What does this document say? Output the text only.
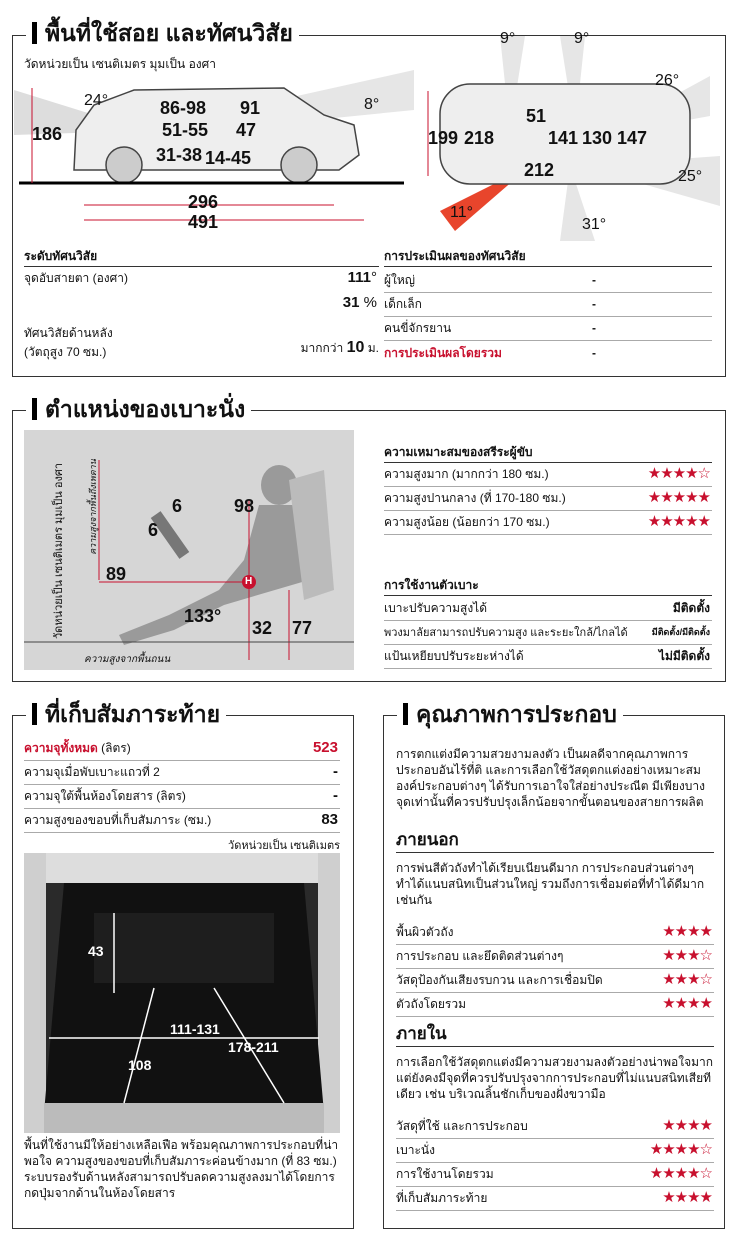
พื้นที่ใช้สอย และทัศนวิสัย
วัดหน่วยเป็น เซนติเมตร มุมเป็น องศา
186
86-98 91
51-55 47
31-38 14-45
296
491
24°	8°
9°	9°
26°
25°
11°
31°
199 218
51
141 130 147
212
ระดับทัศนวิสัย
จุดอับสายตา (องศา)	111°
31 %
ทัศนวิสัยด้านหลัง
(วัตถุสูง 70 ซม.)	มากกว่า 10 ม.
การประเมินผลของทัศนวิสัย
ผู้ใหญ่	-
เด็กเล็ก	-
คนขี่จักรยาน	-
การประเมินผลโดยรวม	-
ตำแหน่งของเบาะนั่ง
วัดหน่วยเป็น เซนติเมตร มุมเป็น องศา	ความสูงจากพื้นถึงเพดาน
H
6
6
98
89
133°
32 77
ความสูงจากพื้นถนน
ความเหมาะสมของสรีระผู้ขับ
ความสูงมาก (มากกว่า 180 ซม.)	★★★★☆
ความสูงปานกลาง (ที่ 170-180 ซม.)	★★★★★
ความสูงน้อย (น้อยกว่า 170 ซม.)	★★★★★
การใช้งานตัวเบาะ
เบาะปรับความสูงได้	มีติดตั้ง
พวงมาลัยสามารถปรับความสูง และระยะใกล้/ไกลได้	มีติดตั้ง/มีติดตั้ง
แป้นเหยียบปรับระยะห่างได้	ไม่มีติดตั้ง
ที่เก็บสัมภาระท้าย
ความจุทั้งหมด (ลิตร)	523
ความจุเมื่อพับเบาะแถวที่ 2	-
ความจุใต้พื้นห้องโดยสาร (ลิตร)	-
ความสูงของขอบที่เก็บสัมภาระ (ซม.)	83
วัดหน่วยเป็น เซนติเมตร
43
111-131
108
178-211
พื้นที่ใช้งานมีให้อย่างเหลือเฟือ พร้อมคุณภาพการประกอบที่น่าพอใจ ความสูงของขอบที่เก็บสัมภาระค่อนข้างมาก (ที่ 83 ซม.) ระบบรองรับด้านหลังสามารถปรับลดความสูงลงมาได้โดยการกดปุ่มจากด้านในห้องโดยสาร
คุณภาพการประกอบ
การตกแต่งมีความสวยงามลงตัว เป็นผลดีจากคุณภาพการประกอบอันไร้ที่ติ และการเลือกใช้วัสดุตกแต่งอย่างเหมาะสม องค์ประกอบต่างๆ ได้รับการเอาใจใส่อย่างประณีต มีเพียงบางจุดเท่านั้นที่ควรปรับปรุงเล็กน้อยจากขั้นตอนของสายการผลิต
ภายนอก
การพ่นสีตัวถังทำได้เรียบเนียนดีมาก การประกอบส่วนต่างๆ ทำได้แนบสนิทเป็นส่วนใหญ่ รวมถึงการเชื่อมต่อที่ทำได้ดีมากเช่นกัน
พื้นผิวตัวถัง	★★★★
การประกอบ และยึดติดส่วนต่างๆ	★★★☆
วัสดุป้องกันเสียงรบกวน และการเชื่อมปิด	★★★☆
ตัวถังโดยรวม	★★★★
ภายใน
การเลือกใช้วัสดุตกแต่งมีความสวยงามลงตัวอย่างน่าพอใจมาก แต่ยังคงมีจุดที่ควรปรับปรุงจากการประกอบที่ไม่แนบสนิทเสียทีเดียว เช่น บริเวณลิ้นชักเก็บของฝั่งขวามือ
วัสดุที่ใช้ และการประกอบ	★★★★
เบาะนั่ง	★★★★☆
การใช้งานโดยรวม	★★★★☆
ที่เก็บสัมภาระท้าย	★★★★
